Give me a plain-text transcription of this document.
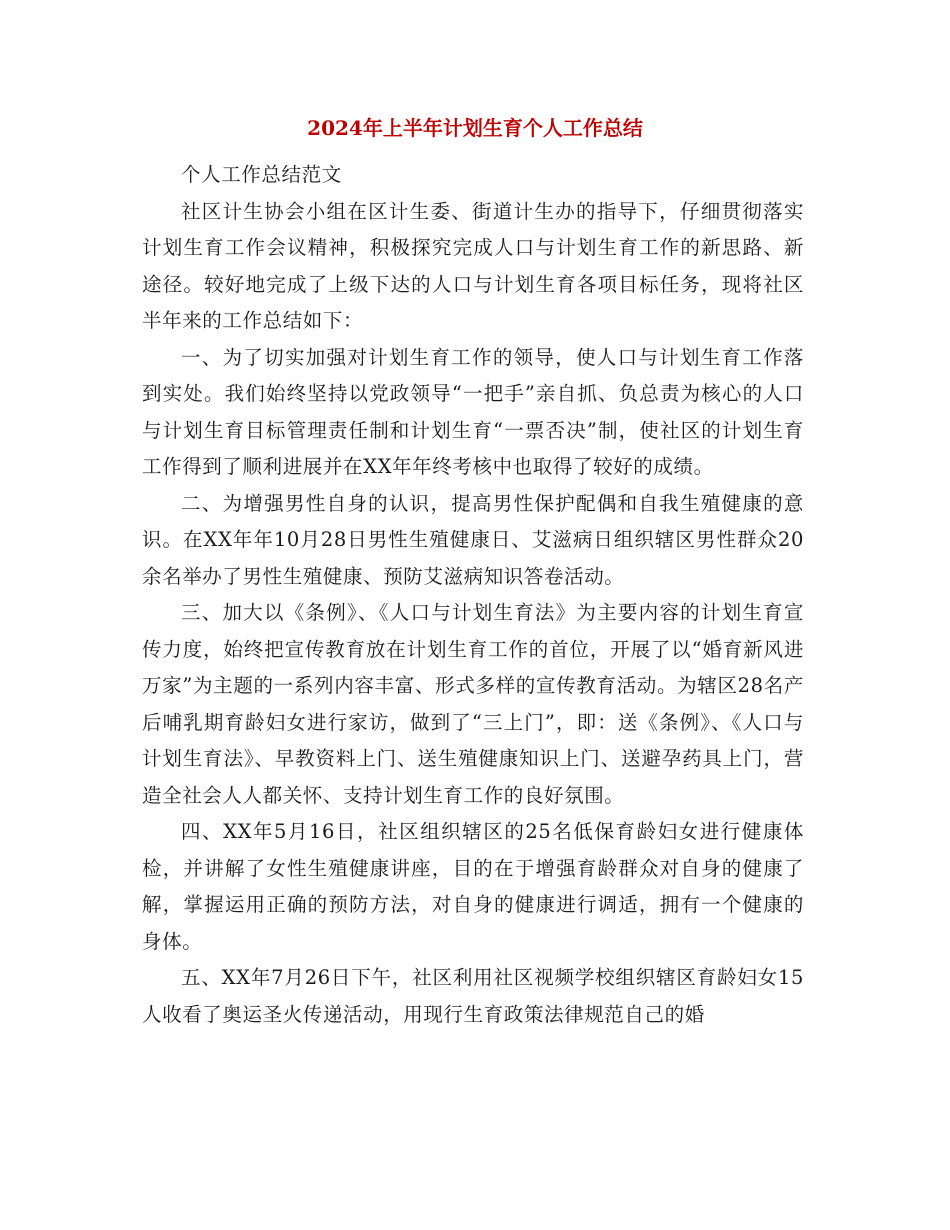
2024年上半年计划生育个人工作总结

个人工作总结范文

社区计生协会小组在区计生委、街道计生办的指导下，仔细贯彻落实计划生育工作会议精神，积极探究完成人口与计划生育工作的新思路、新途径。较好地完成了上级下达的人口与计划生育各项目标任务，现将社区半年来的工作总结如下：

一、为了切实加强对计划生育工作的领导，使人口与计划生育工作落到实处。我们始终坚持以党政领导“一把手”亲自抓、负总责为核心的人口与计划生育目标管理责任制和计划生育“一票否决”制，使社区的计划生育工作得到了顺利进展并在XX年年终考核中也取得了较好的成绩。

二、为增强男性自身的认识，提高男性保护配偶和自我生殖健康的意识。在XX年年10月28日男性生殖健康日、艾滋病日组织辖区男性群众20余名举办了男性生殖健康、预防艾滋病知识答卷活动。

三、加大以《条例》、《人口与计划生育法》为主要内容的计划生育宣传力度，始终把宣传教育放在计划生育工作的首位，开展了以“婚育新风进万家”为主题的一系列内容丰富、形式多样的宣传教育活动。为辖区28名产后哺乳期育龄妇女进行家访，做到了“三上门”，即：送《条例》、《人口与计划生育法》、早教资料上门、送生殖健康知识上门、送避孕药具上门，营造全社会人人都关怀、支持计划生育工作的良好氛围。

四、XX年5月16日，社区组织辖区的25名低保育龄妇女进行健康体检，并讲解了女性生殖健康讲座，目的在于增强育龄群众对自身的健康了解，掌握运用正确的预防方法，对自身的健康进行调适，拥有一个健康的身体。

五、XX年7月26日下午，社区利用社区视频学校组织辖区育龄妇女15人收看了奥运圣火传递活动，用现行生育政策法律规范自己的婚
